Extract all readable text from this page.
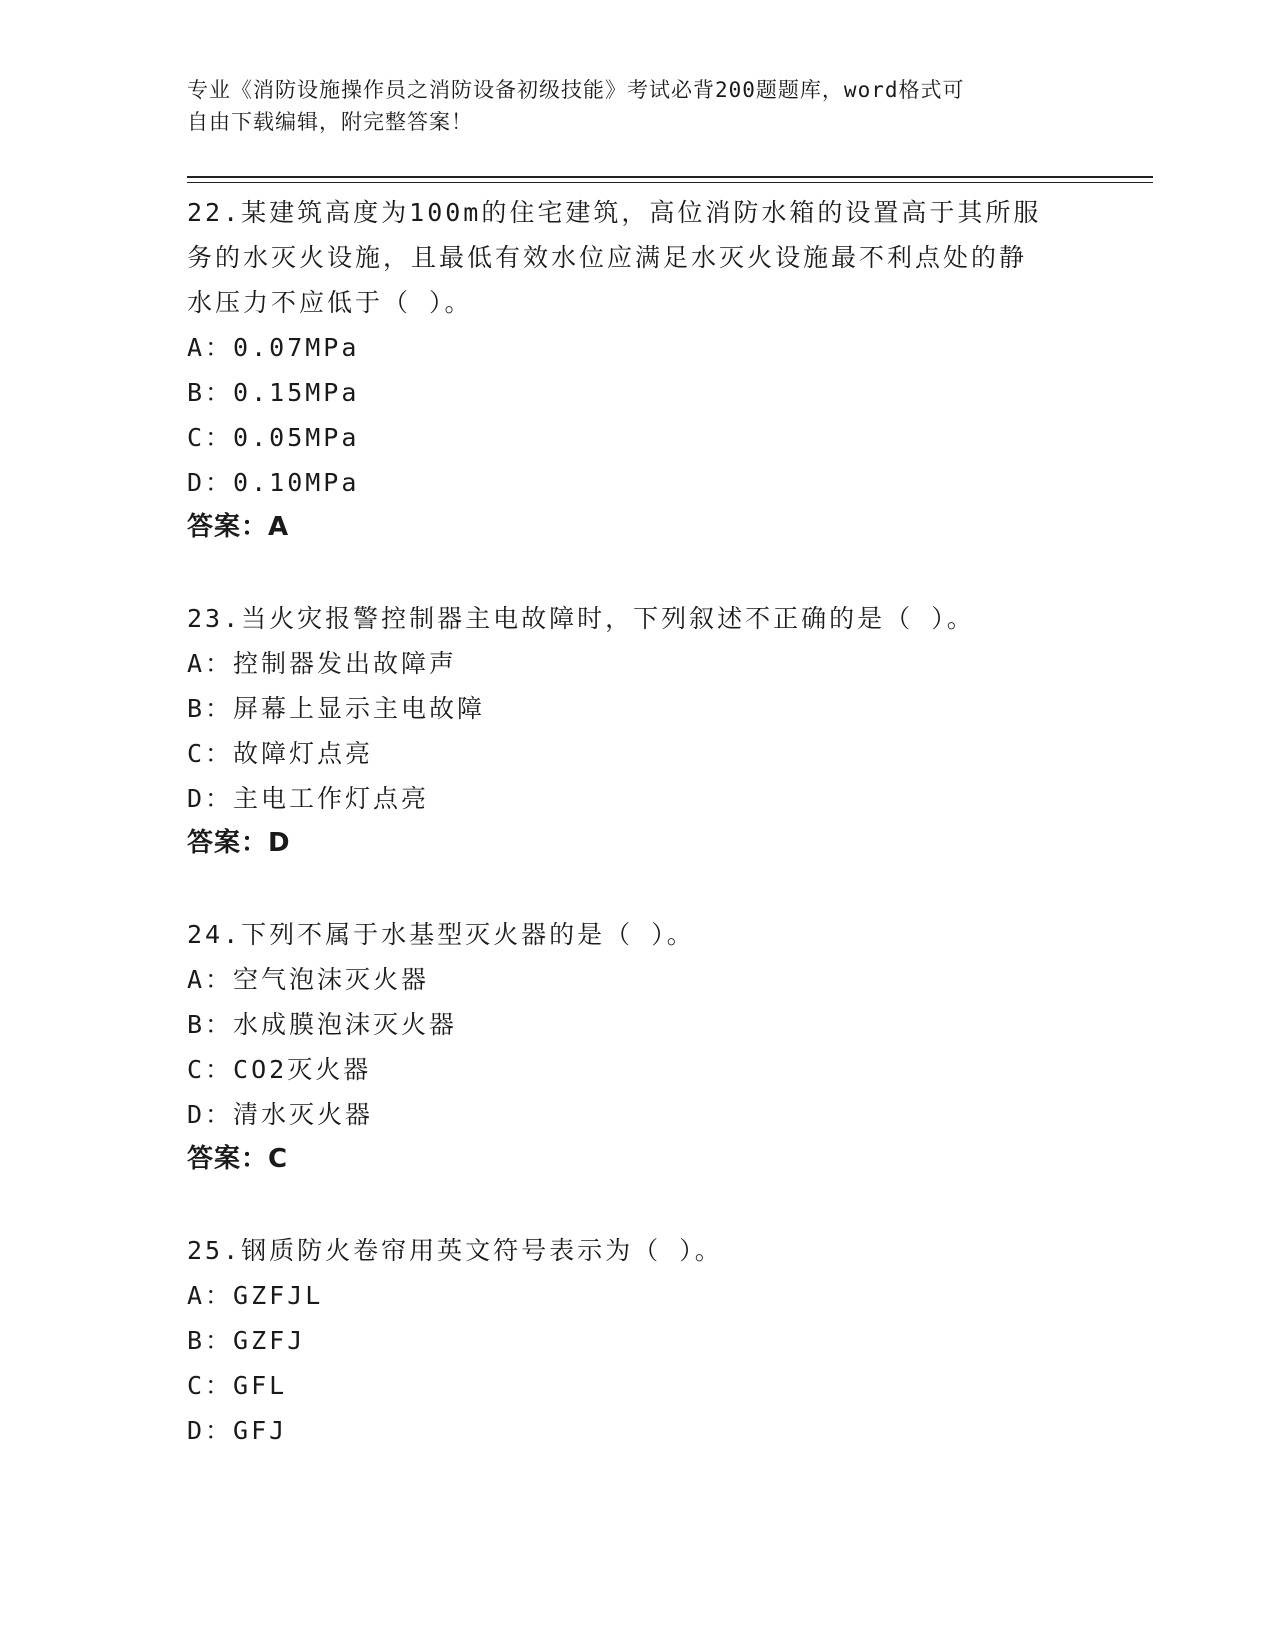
专业《消防设施操作员之消防设备初级技能》考试必背200题题库，word格式可
自由下载编辑，附完整答案！

22.某建筑高度为100m的住宅建筑，高位消防水箱的设置高于其所服

务的水灭火设施，且最低有效水位应满足水灭火设施最不利点处的静

水压力不应低于（ ）。

A：0.07MPa

B：0.15MPa

C：0.05MPa

D：0.10MPa

答案：A

23.当火灾报警控制器主电故障时，下列叙述不正确的是（ ）。

A：控制器发出故障声

B：屏幕上显示主电故障

C：故障灯点亮

D：主电工作灯点亮

答案：D

24.下列不属于水基型灭火器的是（ ）。

A：空气泡沫灭火器

B：水成膜泡沫灭火器

C：CO2灭火器

D：清水灭火器

答案：C

25.钢质防火卷帘用英文符号表示为（ ）。

A：GZFJL

B：GZFJ

C：GFL

D：GFJ
